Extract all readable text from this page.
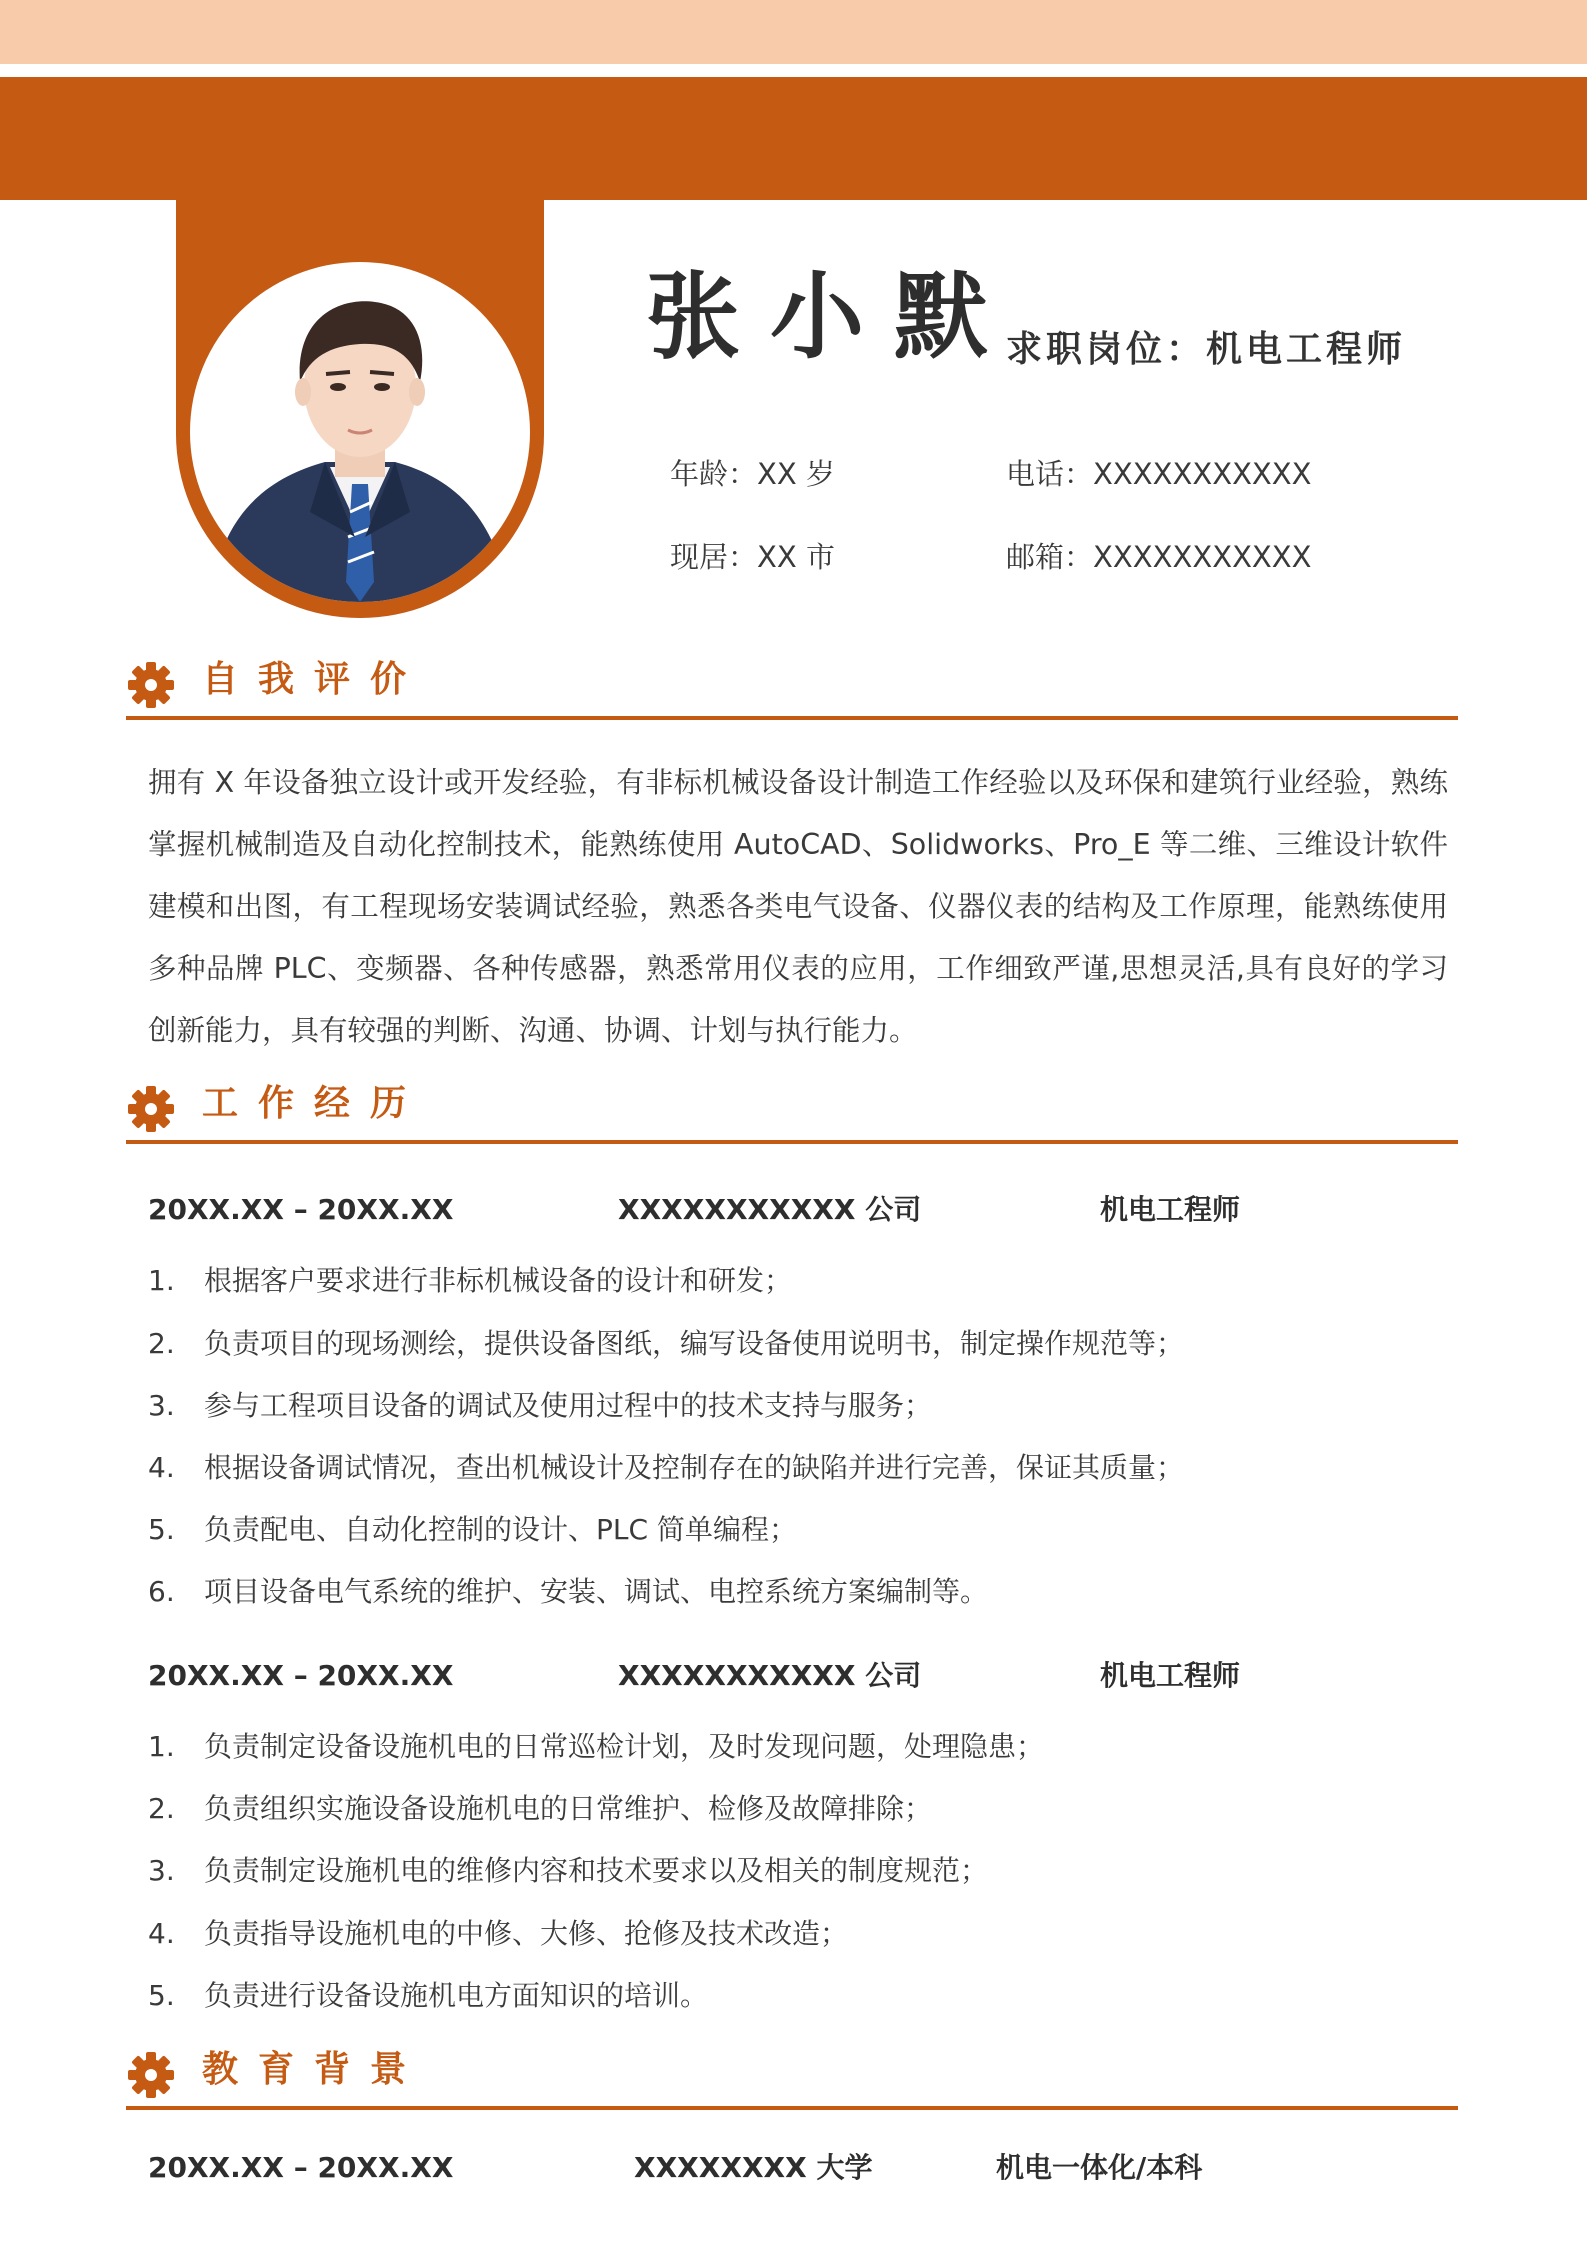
张小默
求职岗位：机电工程师
年龄：XX 岁	电话：XXXXXXXXXXX
现居：XX 市	邮箱：XXXXXXXXXXX
自我评价
拥有 X 年设备独立设计或开发经验，有非标机械设备设计制造工作经验以及环保和建筑行业经验，熟练掌握机械制造及自动化控制技术，能熟练使用 AutoCAD、Solidworks、Pro_E 等二维、三维设计软件建模和出图，有工程现场安装调试经验，熟悉各类电气设备、仪器仪表的结构及工作原理，能熟练使用多种品牌 PLC、变频器、各种传感器，熟悉常用仪表的应用，工作细致严谨,思想灵活,具有良好的学习创新能力，具有较强的判断、沟通、协调、计划与执行能力。
工作经历
20XX.XX – 20XX.XX	XXXXXXXXXXX 公司	机电工程师
1. 根据客户要求进行非标机械设备的设计和研发；
2. 负责项目的现场测绘，提供设备图纸，编写设备使用说明书，制定操作规范等；
3. 参与工程项目设备的调试及使用过程中的技术支持与服务；
4. 根据设备调试情况，查出机械设计及控制存在的缺陷并进行完善，保证其质量；
5. 负责配电、自动化控制的设计、PLC 简单编程；
6. 项目设备电气系统的维护、安装、调试、电控系统方案编制等。
20XX.XX – 20XX.XX	XXXXXXXXXXX 公司	机电工程师
1. 负责制定设备设施机电的日常巡检计划，及时发现问题，处理隐患；
2. 负责组织实施设备设施机电的日常维护、检修及故障排除；
3. 负责制定设施机电的维修内容和技术要求以及相关的制度规范；
4. 负责指导设施机电的中修、大修、抢修及技术改造；
5. 负责进行设备设施机电方面知识的培训。
教育背景
20XX.XX – 20XX.XX	XXXXXXXX 大学	机电一体化/本科
